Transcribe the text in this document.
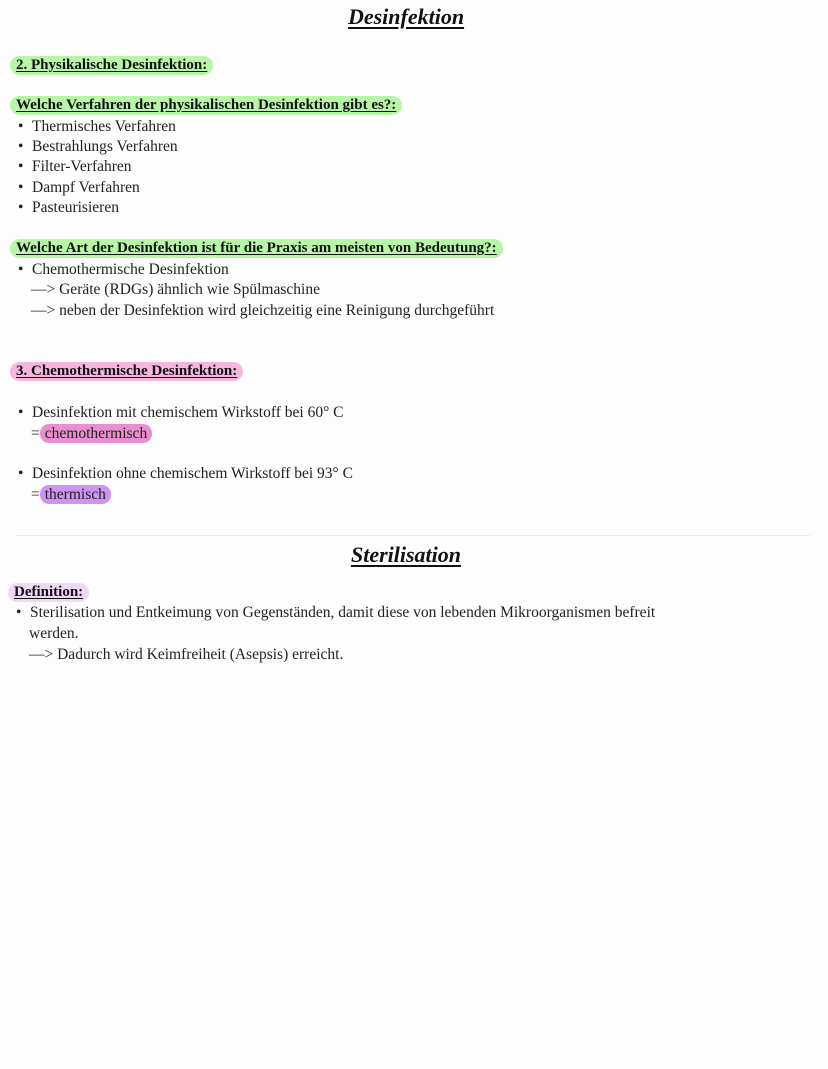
Desinfektion
2. Physikalische Desinfektion:
Welche Verfahren der physikalischen Desinfektion gibt es?:
• Thermisches Verfahren
• Bestrahlungs Verfahren
• Filter-Verfahren
• Dampf Verfahren
• Pasteurisieren
Welche Art der Desinfektion ist für die Praxis am meisten von Bedeutung?:
• Chemothermische Desinfektion
—> Geräte (RDGs) ähnlich wie Spülmaschine
—> neben der Desinfektion wird gleichzeitig eine Reinigung durchgeführt
3. Chemothermische Desinfektion:
• Desinfektion mit chemischem Wirkstoff bei 60° C
= chemothermisch
• Desinfektion ohne chemischem Wirkstoff bei 93° C
= thermisch
Sterilisation
Definition:
• Sterilisation und Entkeimung von Gegenständen, damit diese von lebenden Mikroorganismen befreit
werden.
—> Dadurch wird Keimfreiheit (Asepsis) erreicht.
